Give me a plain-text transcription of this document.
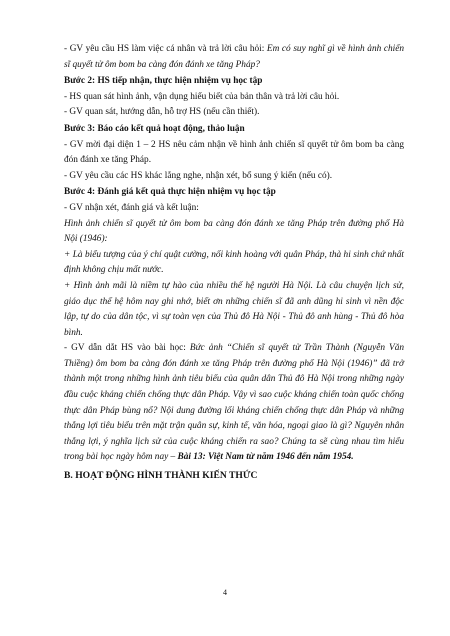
- GV yêu cầu HS làm việc cá nhân và trả lời câu hỏi: Em có suy nghĩ gì về hình ảnh chiến sĩ quyết tử ôm bom ba càng đón đánh xe tăng Pháp?

Bước 2: HS tiếp nhận, thực hiện nhiệm vụ học tập

- HS quan sát hình ảnh, vận dụng hiểu biết của bản thân và trả lời câu hỏi.

- GV quan sát, hướng dẫn, hỗ trợ HS (nếu cần thiết).

Bước 3: Báo cáo kết quả hoạt động, thảo luận

- GV mời đại diện 1 – 2 HS nêu cảm nhận về hình ảnh chiến sĩ quyết tử ôm bom ba càng đón đánh xe tăng Pháp.

- GV yêu cầu các HS khác lắng nghe, nhận xét, bổ sung ý kiến (nếu có).

Bước 4: Đánh giá kết quả thực hiện nhiệm vụ học tập

- GV nhận xét, đánh giá và kết luận:

Hình ảnh chiến sĩ quyết tử ôm bom ba càng đón đánh xe tăng Pháp trên đường phố Hà Nội (1946):

+ Là biểu tượng của ý chí quật cường, nối kinh hoàng với quân Pháp, thà hi sinh chứ nhất định không chịu mất nước.

+ Hình ảnh mãi là niềm tự hào của nhiều thế hệ người Hà Nội. Là câu chuyện lịch sử, giáo dục thế hệ hôm nay ghi nhớ, biết ơn những chiến sĩ đã anh dũng hi sinh vì nền độc lập, tự do của dân tộc, vì sự toàn vẹn của Thủ đô Hà Nội - Thủ đô anh hùng - Thủ đô hòa bình.

- GV dẫn dắt HS vào bài học: Bức ảnh “Chiến sĩ quyết tử Trần Thành (Nguyễn Văn Thiềng) ôm bom ba càng đón đánh xe tăng Pháp trên đường phố Hà Nội (1946)” đã trở thành một trong những hình ảnh tiêu biểu của quân dân Thủ đô Hà Nội trong những ngày đầu cuộc kháng chiến chống thực dân Pháp. Vậy vì sao cuộc kháng chiến toàn quốc chống thực dân Pháp bùng nổ? Nội dung đường lối kháng chiến chống thực dân Pháp và những thắng lợi tiêu biểu trên mặt trận quân sự, kinh tế, văn hóa, ngoại giao là gì? Nguyên nhân thắng lợi, ý nghĩa lịch sử của cuộc kháng chiến ra sao? Chúng ta sẽ cùng nhau tìm hiểu trong bài học ngày hôm nay – Bài 13: Việt Nam từ năm 1946 đến năm 1954.

B. HOẠT ĐỘNG HÌNH THÀNH KIẾN THỨC

4
